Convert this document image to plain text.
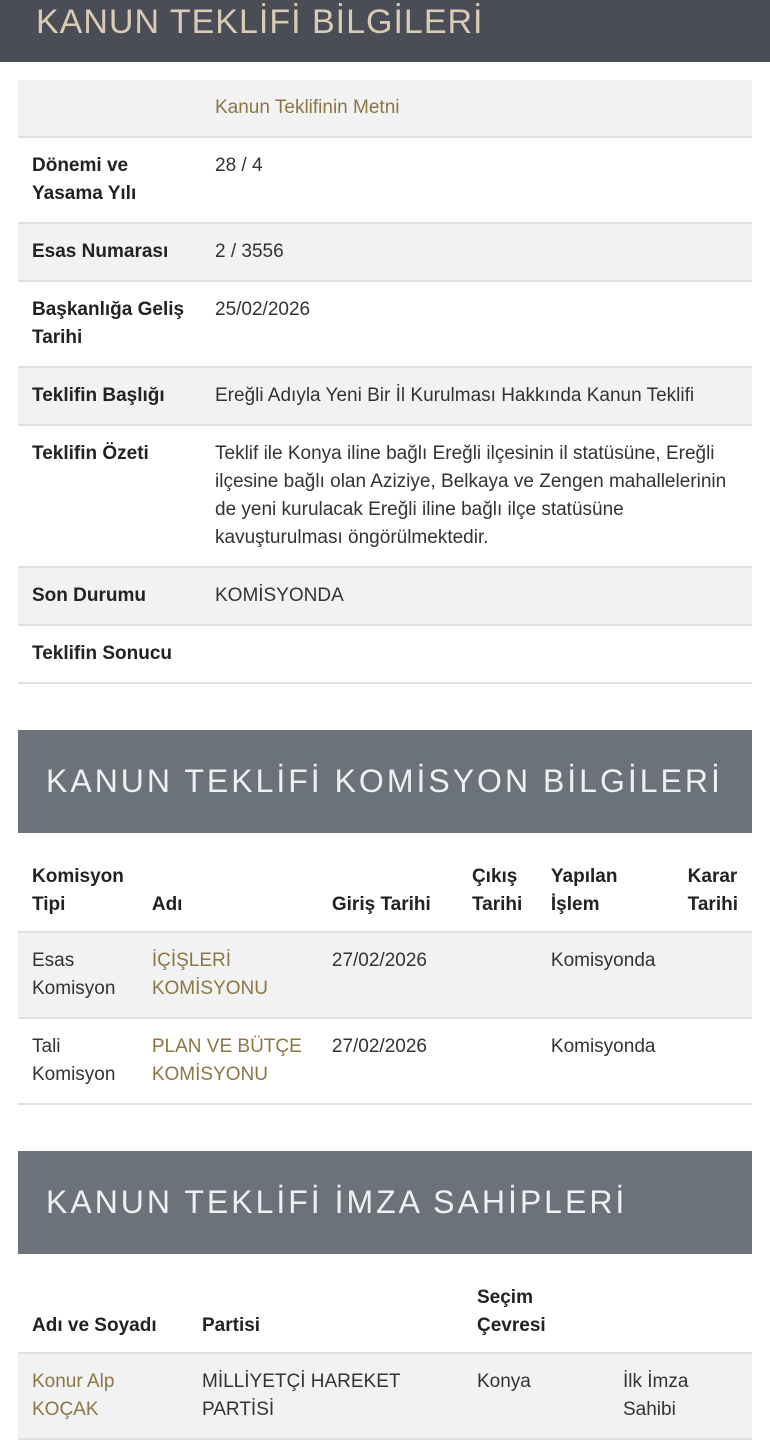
KANUN TEKLİFİ BİLGİLERİ
	Kanun Teklifinin Metni
Dönemi ve Yasama Yılı	28 / 4
Esas Numarası	2 / 3556
Başkanlığa Geliş Tarihi	25/02/2026
Teklifin Başlığı	Ereğli Adıyla Yeni Bir İl Kurulması Hakkında Kanun Teklifi
Teklifin Özeti	Teklif ile Konya iline bağlı Ereğli ilçesinin il statüsüne, Ereğli ilçesine bağlı olan Aziziye, Belkaya ve Zengen mahallelerinin de yeni kurulacak Ereğli iline bağlı ilçe statüsüne kavuşturulması öngörülmektedir.
Son Durumu	KOMİSYONDA
Teklifin Sonucu	
KANUN TEKLİFİ KOMİSYON BİLGİLERİ
Komisyon Tipi	Adı	Giriş Tarihi	Çıkış Tarihi	Yapılan İşlem	Karar Tarihi
Esas Komisyon	İÇİŞLERİ KOMİSYONU	27/02/2026		Komisyonda	
Tali Komisyon	PLAN VE BÜTÇE KOMİSYONU	27/02/2026		Komisyonda	
KANUN TEKLİFİ İMZA SAHİPLERİ
Adı ve Soyadı	Partisi	Seçim Çevresi	
Konur Alp KOÇAK	MİLLİYETÇİ HAREKET PARTİSİ	Konya	İlk İmza Sahibi
